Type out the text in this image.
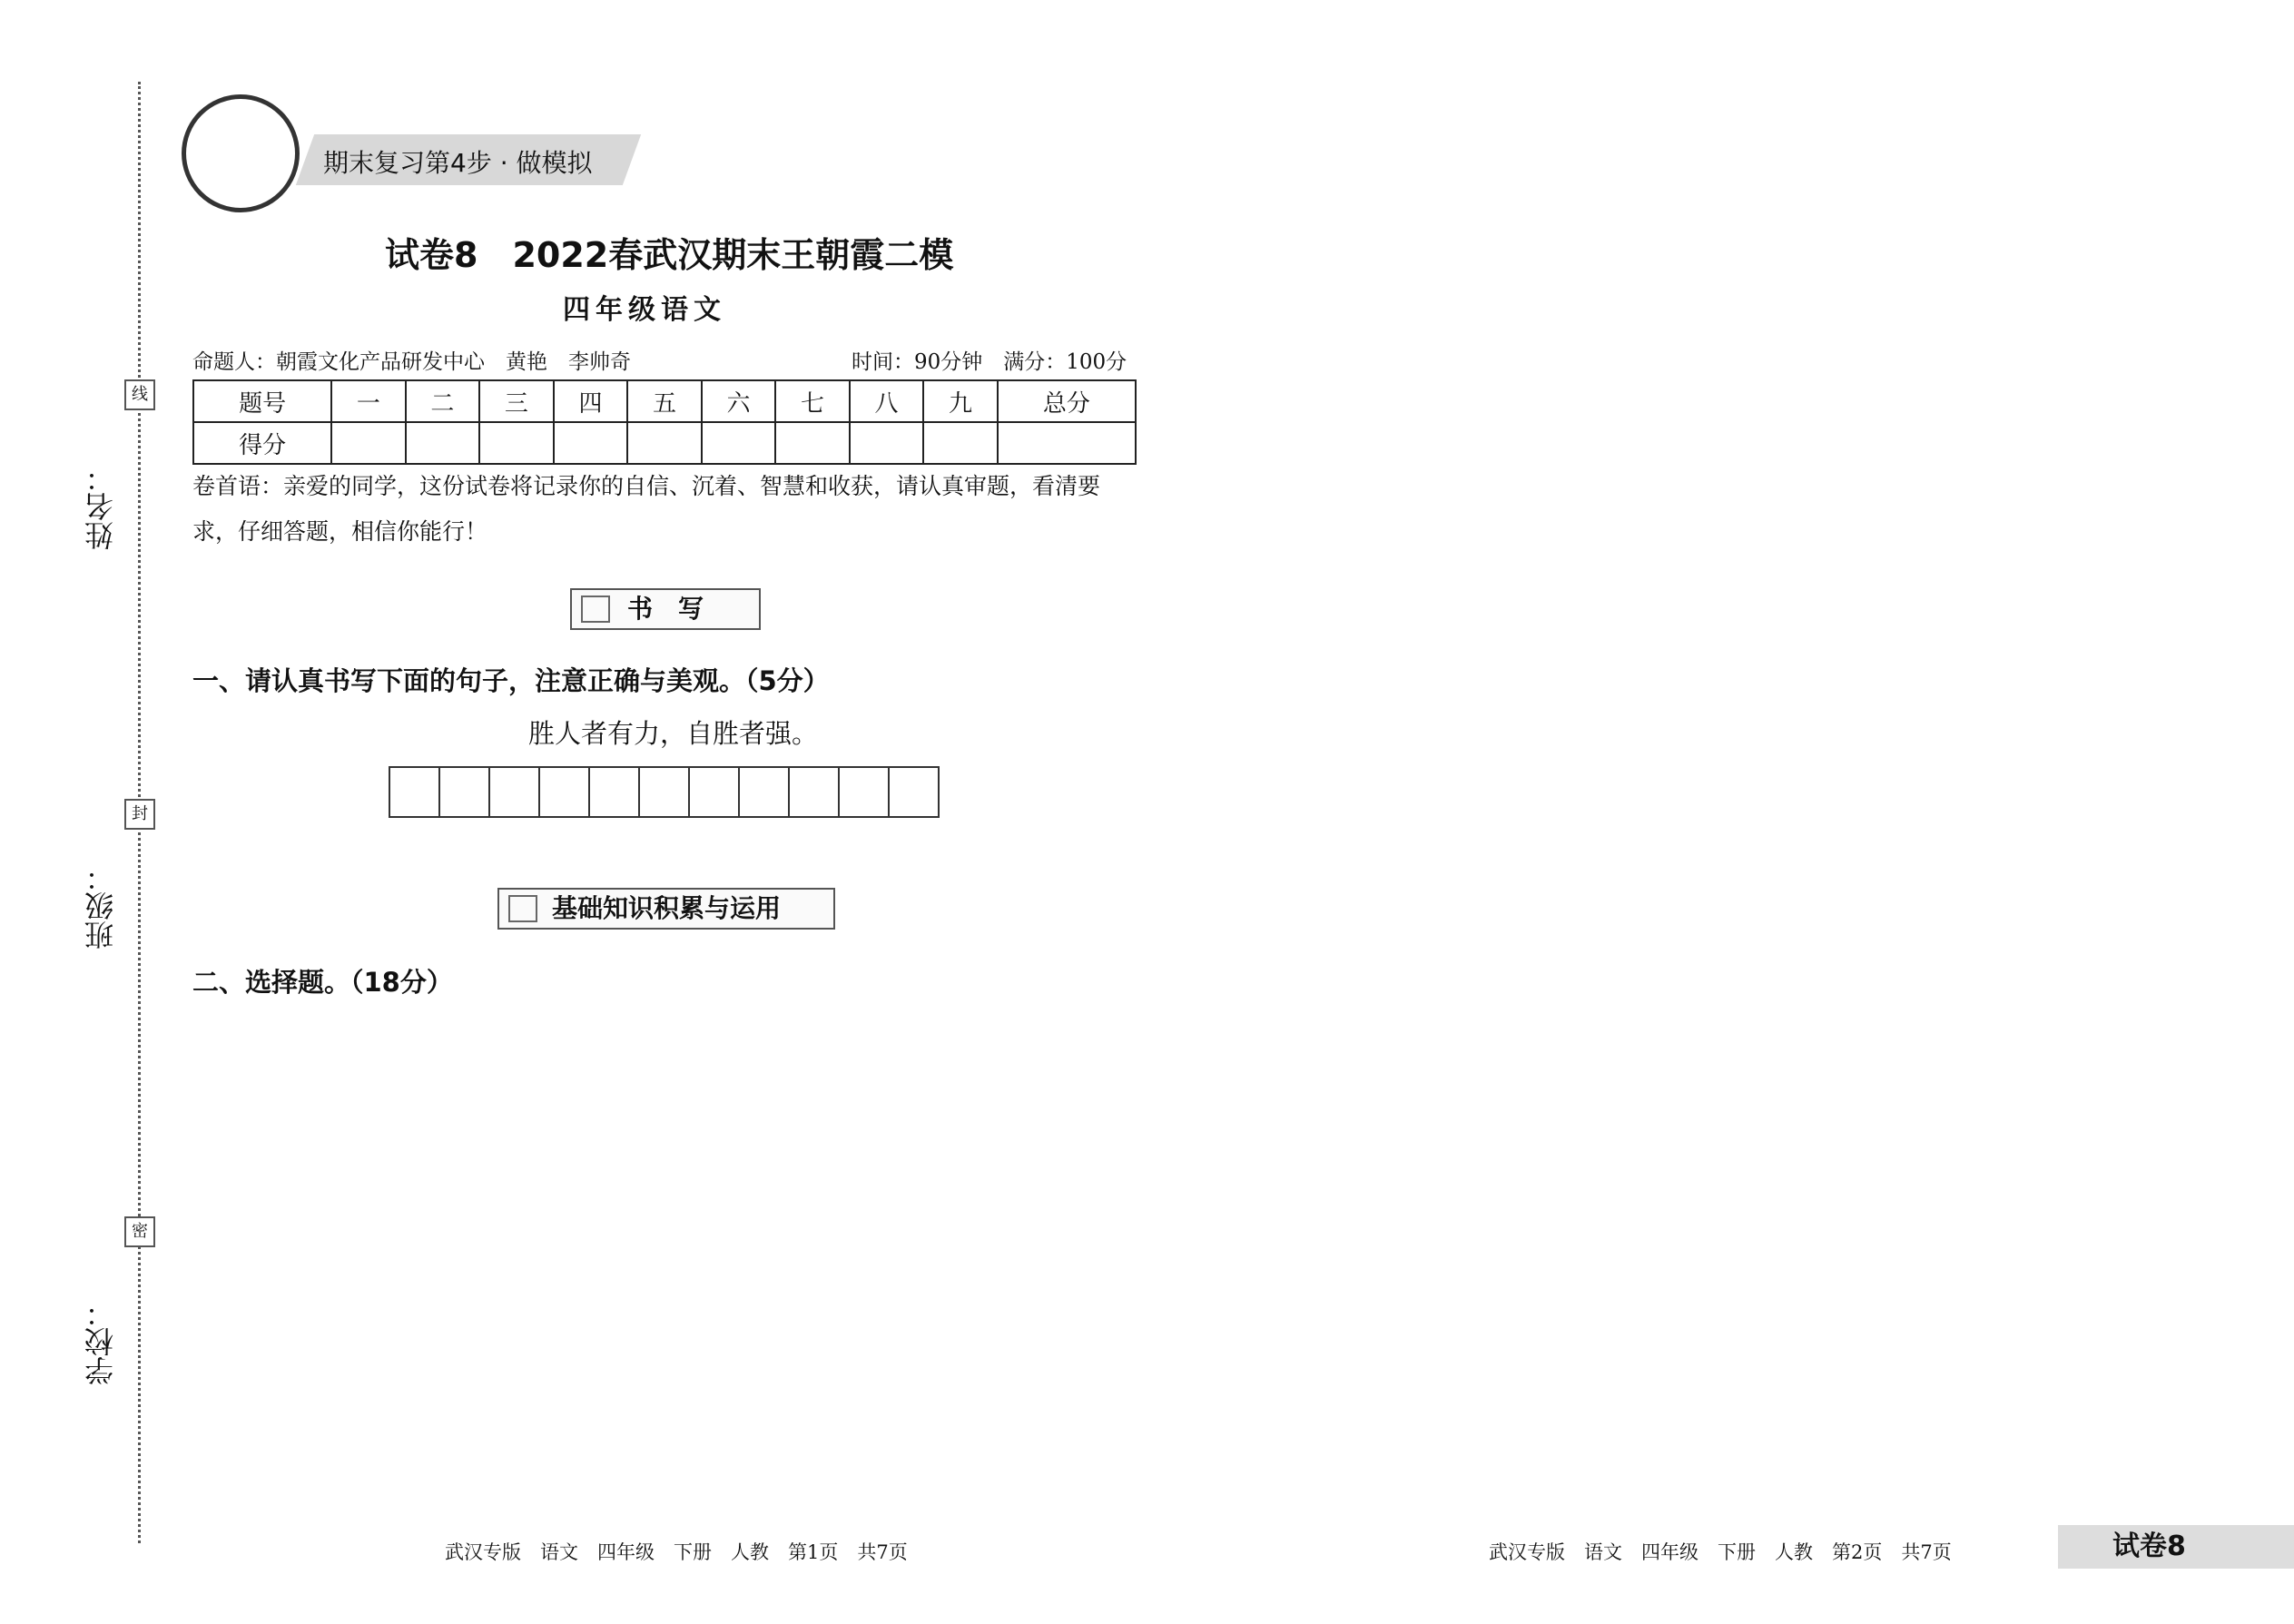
姓名：
班级：
学校：
线
封
密
期末复习第4步 · 做模拟
试卷8　2022春武汉期末王朝霞二模
四年级语文
命题人：朝霞文化产品研发中心　黄艳　李帅奇	时间：90分钟　满分：100分
题号	一	二	三	四	五	六	七	八	九	总分
得分										
卷首语：亲爱的同学，这份试卷将记录你的自信、沉着、智慧和收获，请认真审题，看清要
求，仔细答题，相信你能行！
书　写
一、请认真书写下面的句子，注意正确与美观。（5分）
胜人者有力，自胜者强。
基础知识积累与运用
二、选择题。（18分）
武汉专版　语文　四年级　下册　人教　第1页　共7页	武汉专版　语文　四年级　下册　人教　第2页　共7页	试卷8
